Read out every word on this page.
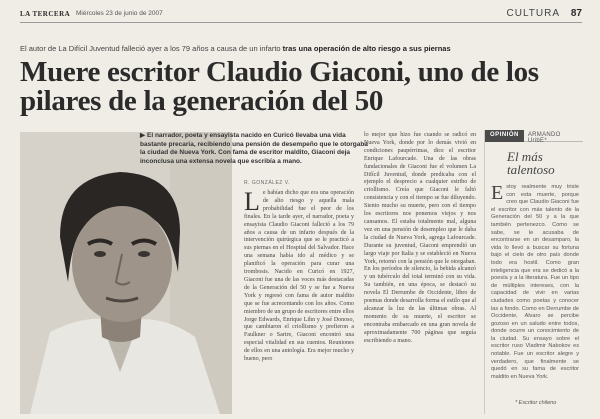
LA TERCERA Miércoles 23 de junio de 2007	CULTURA 87
El autor de La Difícil Juventud falleció ayer a los 79 años a causa de un infarto tras una operación de alto riesgo a sus piernas
Muere escritor Claudio Giaconi, uno de los pilares de la generación del 50
▶ El narrador, poeta y ensayista nacido en Curicó llevaba una vida bastante precaria, recibiendo una pensión de desempeño que le otorgaba la ciudad de Nueva York. Con fama de escritor maldito, Giaconi deja inconclusa una extensa novela que escribía a mano.
R. GONZÁLEZ V.
Le habían dicho que era una operación de alto riesgo y aquella mala probabilidad fue el peor de los finales. En la tarde ayer, el narrador, poeta y ensayista Claudio Giaconi falleció a los 79 años a causa de un infarto después de la intervención quirúrgica que se le practicó a sus piernas en el Hospital del Salvador. Hace una semana había ido al médico y se planificó la operación para curar una trombosis. Nacido en Curicó en 1927, Giaconi fue una de las voces más destacadas de la Generación del 50 y se fue a Nueva York y regresó con fama de autor maldito que se fue acrecentando con los años. Como miembro de un grupo de escritores entre ellos Jorge Edwards, Enrique Lihn y José Donoso, que cambiaron el criollismo y prefieron a Faulkner o Sartre, Giaconi encontró una especial vitalidad en sus cuentos. Reuniones de ellos en una antología. Era mejor mucho y bueno, pero
lo mejor que hizo fue cuando se radicó en Nueva York, donde por lo demás vivió en condiciones paupérrimas, dice el escritor Enrique Lafourcade. Una de las obras fundacionales de Giaconi fue el volumen La Difícil Juventud, donde predicaba con el ejemplo el desprecio a cualquier estribo de criollismo. Creía que Giaconi le faltó consistencia y con el tiempo se fue diluyendo. Siento mucho su muerte, pero con el tiempo los escritores nos ponemos viejos y nos cansamos. El estaba totalmente mal, alguna vez en una pensión de desempleo que le daba la ciudad de Nueva York, agrega Lafourcade. Durante su juventud, Giaconi emprendió un largo viaje por Italia y se estableció en Nueva York, retornó con la pensión que le otorgaban. En los períodos de silencio, la bebida alcanzó y un tubérculo del total terminó con su vida. Su también, en una época, se destacó su novela El Derrumbe de Occidente, libro de poemas donde desarrolla forma el estilo que al alcanzar la luz de las últimas obras. Al momento de su muerte, el escritor se encontraba embarcado en una gran novela de aproximadamente 700 páginas que seguía escribiendo a mano.
OPINIÓN	ARMANDO UribE*
El más talentoso
Estoy realmente muy triste con esta muerte, porque creo que Claudio Giaconi fue el escritor con más talento de la Generación del 50 y a la que también pertenezco. Como se sabe, se le acusaba de encontrarse en un desamparo, la vida lo llevó a buscar su fortuna bajo el cielo de otro país donde todo era hostil. Como gran inteligencia que era se dedicó a la poesía y a la literatura. Fue un tipo de múltiples intereses, con la capacidad de vivir en varias ciudades como poetas y conocer las a fondo. Como en Derrumbe de Occidente, Alvaro se percibe gozoso en un saludo entre todos, donde ocurre un conocimiento de la ciudad. Su ensayo sobre el escritor ruso Vladimir Nabokov es notable. Fue un escritor alegre y verdadero, que finalmente se quedó en su fama de escritor maldito en Nueva York.
* Escritor chileno
